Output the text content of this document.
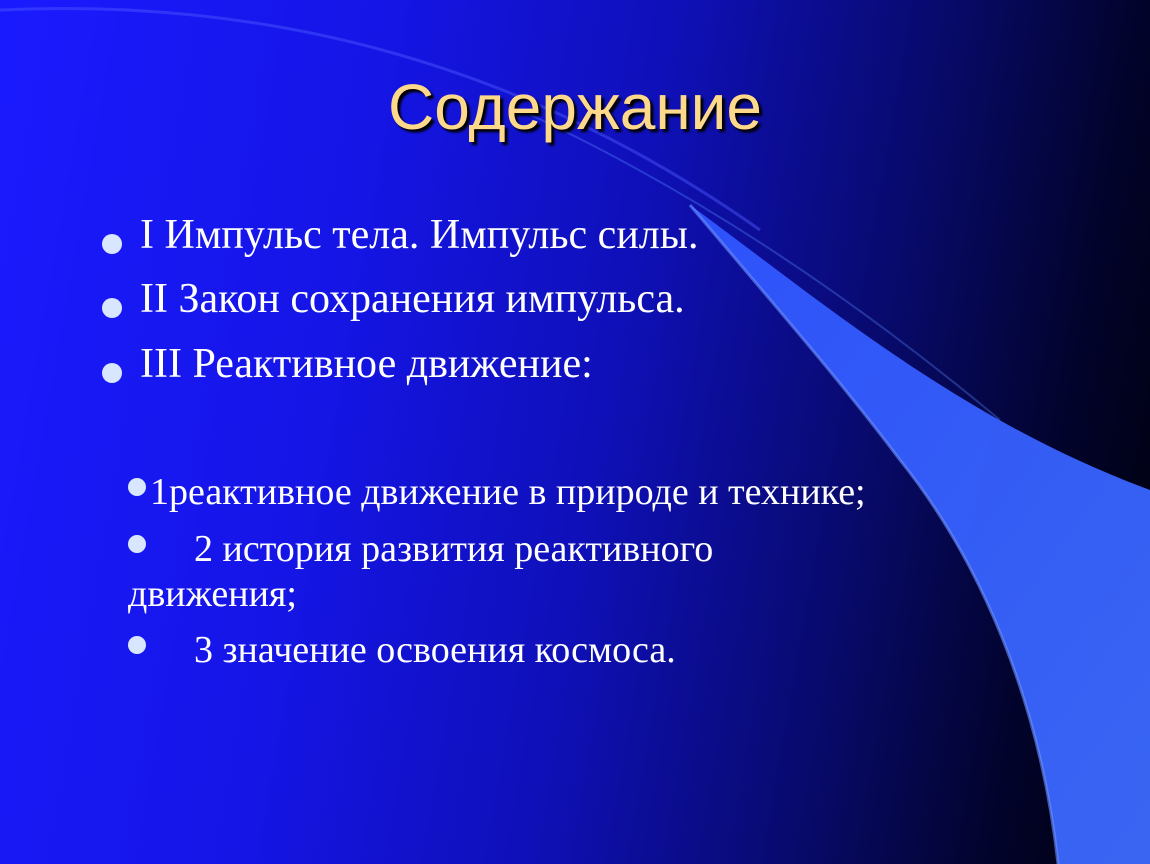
Содержание
I Импульс тела. Импульс силы.
II Закон сохранения импульса.
III Реактивное движение:
1реактивное движение в природе и технике;
2 история развития реактивного движения;
3 значение освоения космоса.
